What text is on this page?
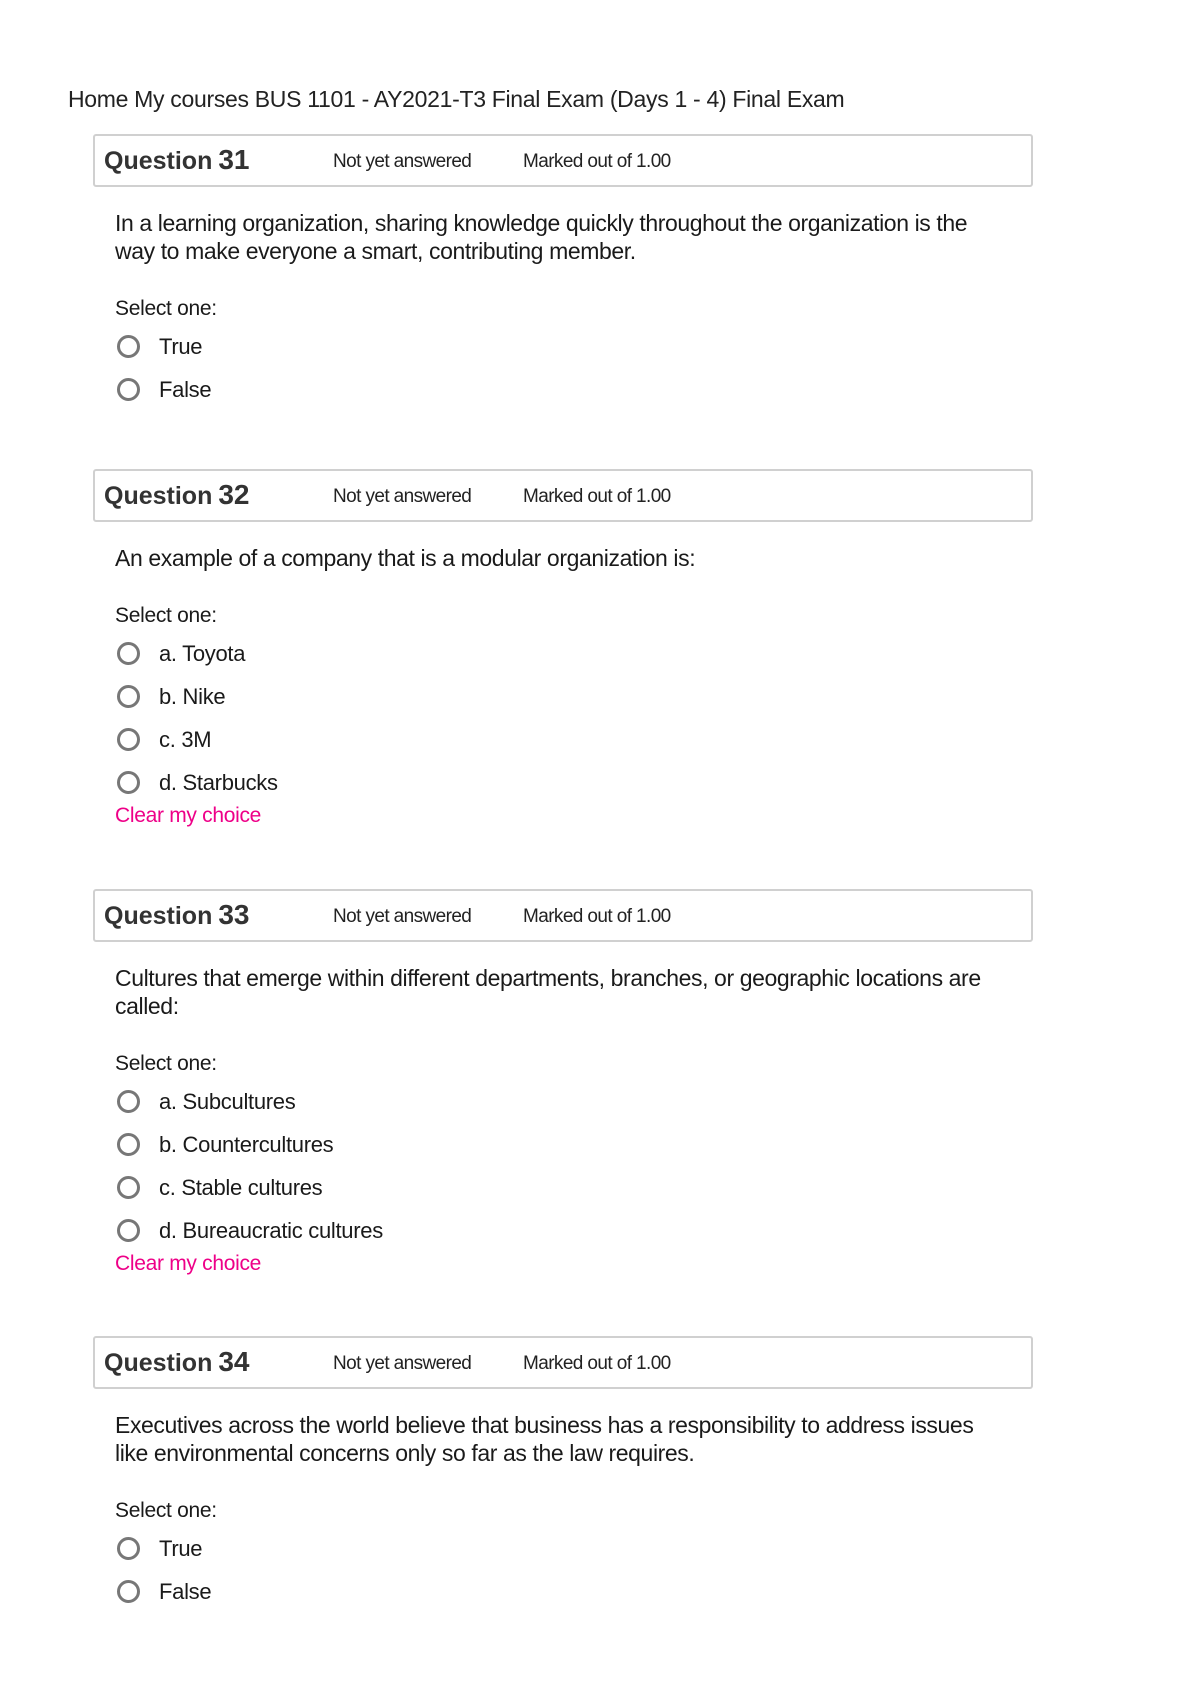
Home My courses BUS 1101 - AY2021-T3 Final Exam (Days 1 - 4) Final Exam
Question 31	Not yet answered	Marked out of 1.00
In a learning organization, sharing knowledge quickly throughout the organization is the way to make everyone a smart, contributing member.
Select one:
True
False
Question 32	Not yet answered	Marked out of 1.00
An example of a company that is a modular organization is:
Select one:
a. Toyota
b. Nike
c. 3M
d. Starbucks
Clear my choice
Question 33	Not yet answered	Marked out of 1.00
Cultures that emerge within different departments, branches, or geographic locations are called:
Select one:
a. Subcultures
b. Countercultures
c. Stable cultures
d. Bureaucratic cultures
Clear my choice
Question 34	Not yet answered	Marked out of 1.00
Executives across the world believe that business has a responsibility to address issues like environmental concerns only so far as the law requires.
Select one:
True
False
